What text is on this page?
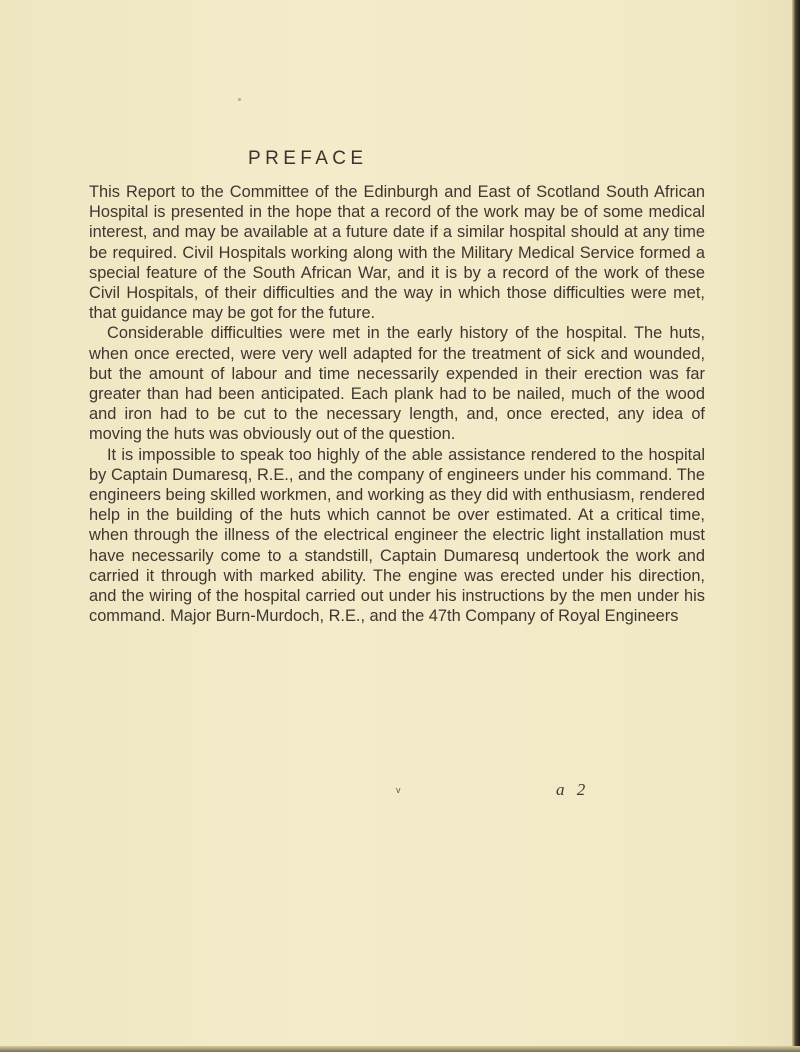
PREFACE

This Report to the Committee of the Edinburgh and East of Scotland South African Hospital is presented in the hope that a record of the work may be of some medical interest, and may be available at a future date if a similar hospital should at any time be required. Civil Hospitals working along with the Military Medical Service formed a special feature of the South African War, and it is by a record of the work of these Civil Hospitals, of their difficulties and the way in which those difficulties were met, that guidance may be got for the future.

Considerable difficulties were met in the early history of the hospital. The huts, when once erected, were very well adapted for the treatment of sick and wounded, but the amount of labour and time necessarily expended in their erection was far greater than had been anticipated. Each plank had to be nailed, much of the wood and iron had to be cut to the necessary length, and, once erected, any idea of moving the huts was obviously out of the question.

It is impossible to speak too highly of the able assistance rendered to the hospital by Captain Dumaresq, R.E., and the company of engineers under his command. The engineers being skilled workmen, and working as they did with enthusiasm, rendered help in the building of the huts which cannot be over estimated. At a critical time, when through the illness of the electrical engineer the electric light installation must have necessarily come to a standstill, Captain Dumaresq undertook the work and carried it through with marked ability. The engine was erected under his direction, and the wiring of the hospital carried out under his instructions by the men under his command. Major Burn-Murdoch, R.E., and the 47th Company of Royal Engineers

v	a 2
